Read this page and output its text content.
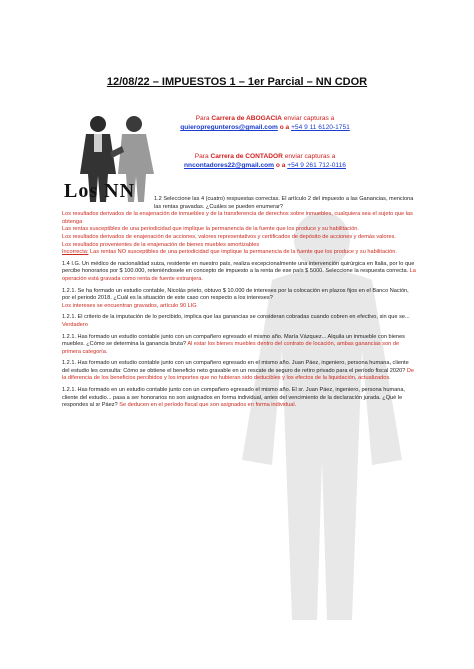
12/08/22 – IMPUESTOS 1 – 1er Parcial – NN CDOR
Los NN
Para Carrera de ABOGACIA enviar capturas a
quieropregunteros@gmail.com o a +54 9 11 6120-1751
Para Carrera de CONTADOR enviar capturas a
nncontadores22@gmail.com o a +54 9 261 712-0116

1.2 Seleccione las 4 (cuatro) respuestas correctas. El artículo 2 del impuesto a las Ganancias, menciona las rentas gravadas. ¿Cuáles se pueden enumerar?

Los resultados derivados de la enajenación de inmuebles y de la transferencia de derechos sobre inmuebles, cualquiera sea el sujeto que las obtenga

Las rentas susceptibles de una periodicidad que implique la permanencia de la fuente que los produce y su habilitación.

Los resultados derivados de enajenación de acciones, valores representativos y certificados de depósito de acciones y demás valores.

Los resultados provenientes de la enajenación de bienes muebles amortizables

Incorrecta: Las rentas NO susceptibles de una periodicidad que implique la permanencia de la fuente que los produce y su habilitación.

1.4 I.G. Un médico de nacionalidad suiza, residente en nuestro país, realiza excepcionalmente una intervención quirúrgica en Italia, por lo que percibe honorarios por $ 100.000, reteniéndosele en concepto de impuesto a la renta de ese país $ 5000. Seleccione la respuesta correcta. La operación está gravada como renta de fuente extranjera.

1.2.1. Se ha formado un estudio contable, Nicolás prieto, obtuvo $ 10.000 de intereses por la colocación en plazos fijos en el Banco Nación, por el periodo 2018. ¿Cuál es la situación de este caso con respecto a los intereses?
Los intereses se encuentran gravados, artículo 90 LIG

1.2.1. El criterio de la imputación de lo percibido, implica que las ganancias se consideran cobradas cuando cobren en efectivo, sin que se... Verdadero

1.2.1. Has formado un estudio contable junto con un compañero egresado el mismo año. María Vázquez... Alquila un inmueble con bienes muebles. ¿Cómo se determina la ganancia bruta? Al estar los bienes muebles dentro del contrato de locación, ambas ganancias son de primera categoría.

1.2.1. Has formado un estudio contable junto con un compañero egresado en el mismo año. Juan Páez, ingeniero, persona humana, cliente del estudio les consulta: Cómo se obtiene el beneficio neto gravable en un rescate de seguro de retiro privado para el período fiscal 2020? De la diferencia de los beneficios percibidos y los importes que no hubieran sido deducibles y los efectos de la liquidación, actualizados.

1.2.1. Has formado en un estudio contable junto con un compañero egresado el mismo año. El sr. Juan Páez, ingeniero, persona humana, cliente del estudio... pasa a ser honorarios no son asignados en forma individual, antes del vencimiento de la declaración jurada. ¿Qué le respondes al sr Páez? Se deducen en el período fiscal que son asignados en forma individual.
